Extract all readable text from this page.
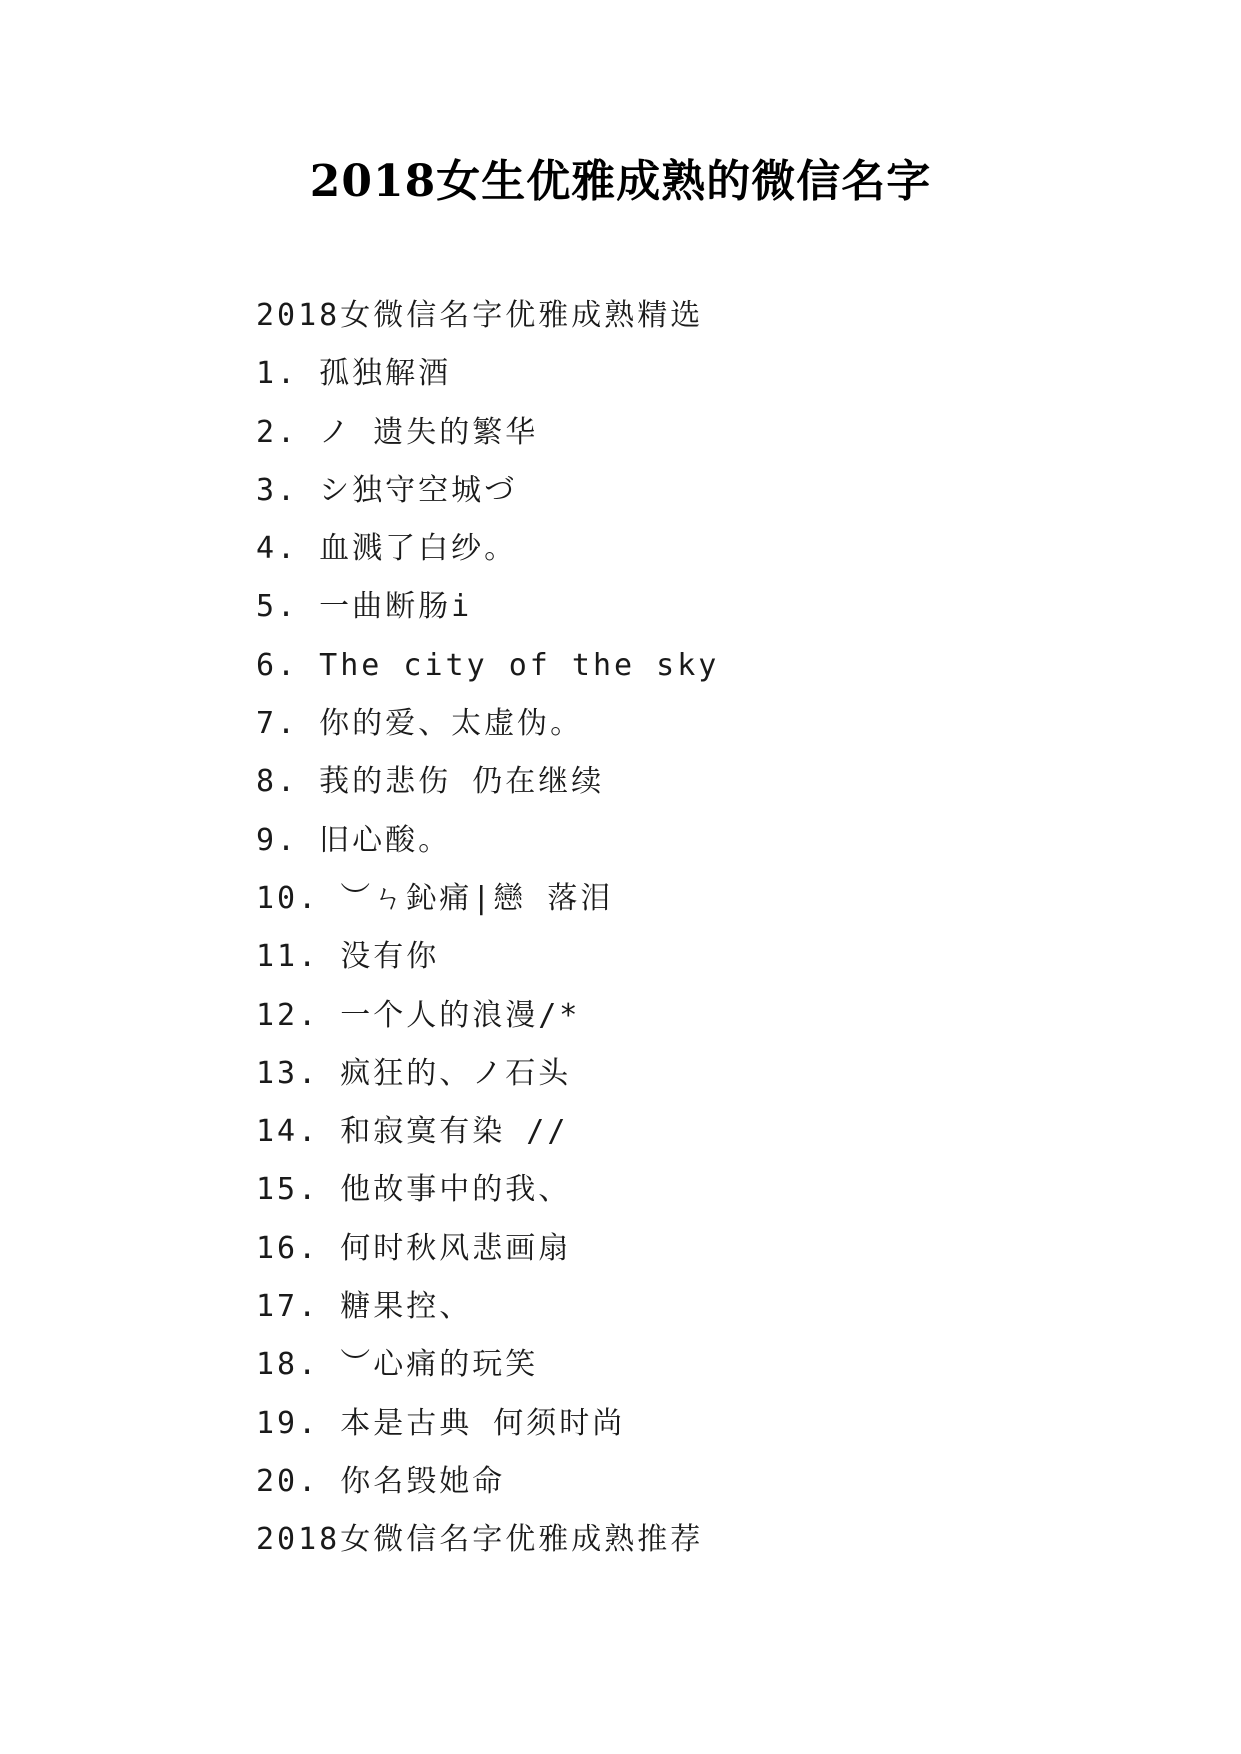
2018女生优雅成熟的微信名字
2018女微信名字优雅成熟精选
1. 孤独解酒
2. ノ 遗失的繁华
3. シ独守空城づ
4. 血溅了白纱。
5. 一曲断肠i
6. The city of the sky
7. 你的爱、太虚伪。
8. 莪的悲伤 仍在继续
9. 旧心酸。
10. ︶ㄣ鈊痛|戀 落泪
11. 没有你
12. 一个人的浪漫/*
13. 疯狂的、ノ石头
14. 和寂寞有染 //
15. 他故事中的我、
16. 何时秋风悲画扇
17. 糖果控、
18. ︶心痛的玩笑
19. 本是古典 何须时尚
20. 你名毁她命
2018女微信名字优雅成熟推荐
